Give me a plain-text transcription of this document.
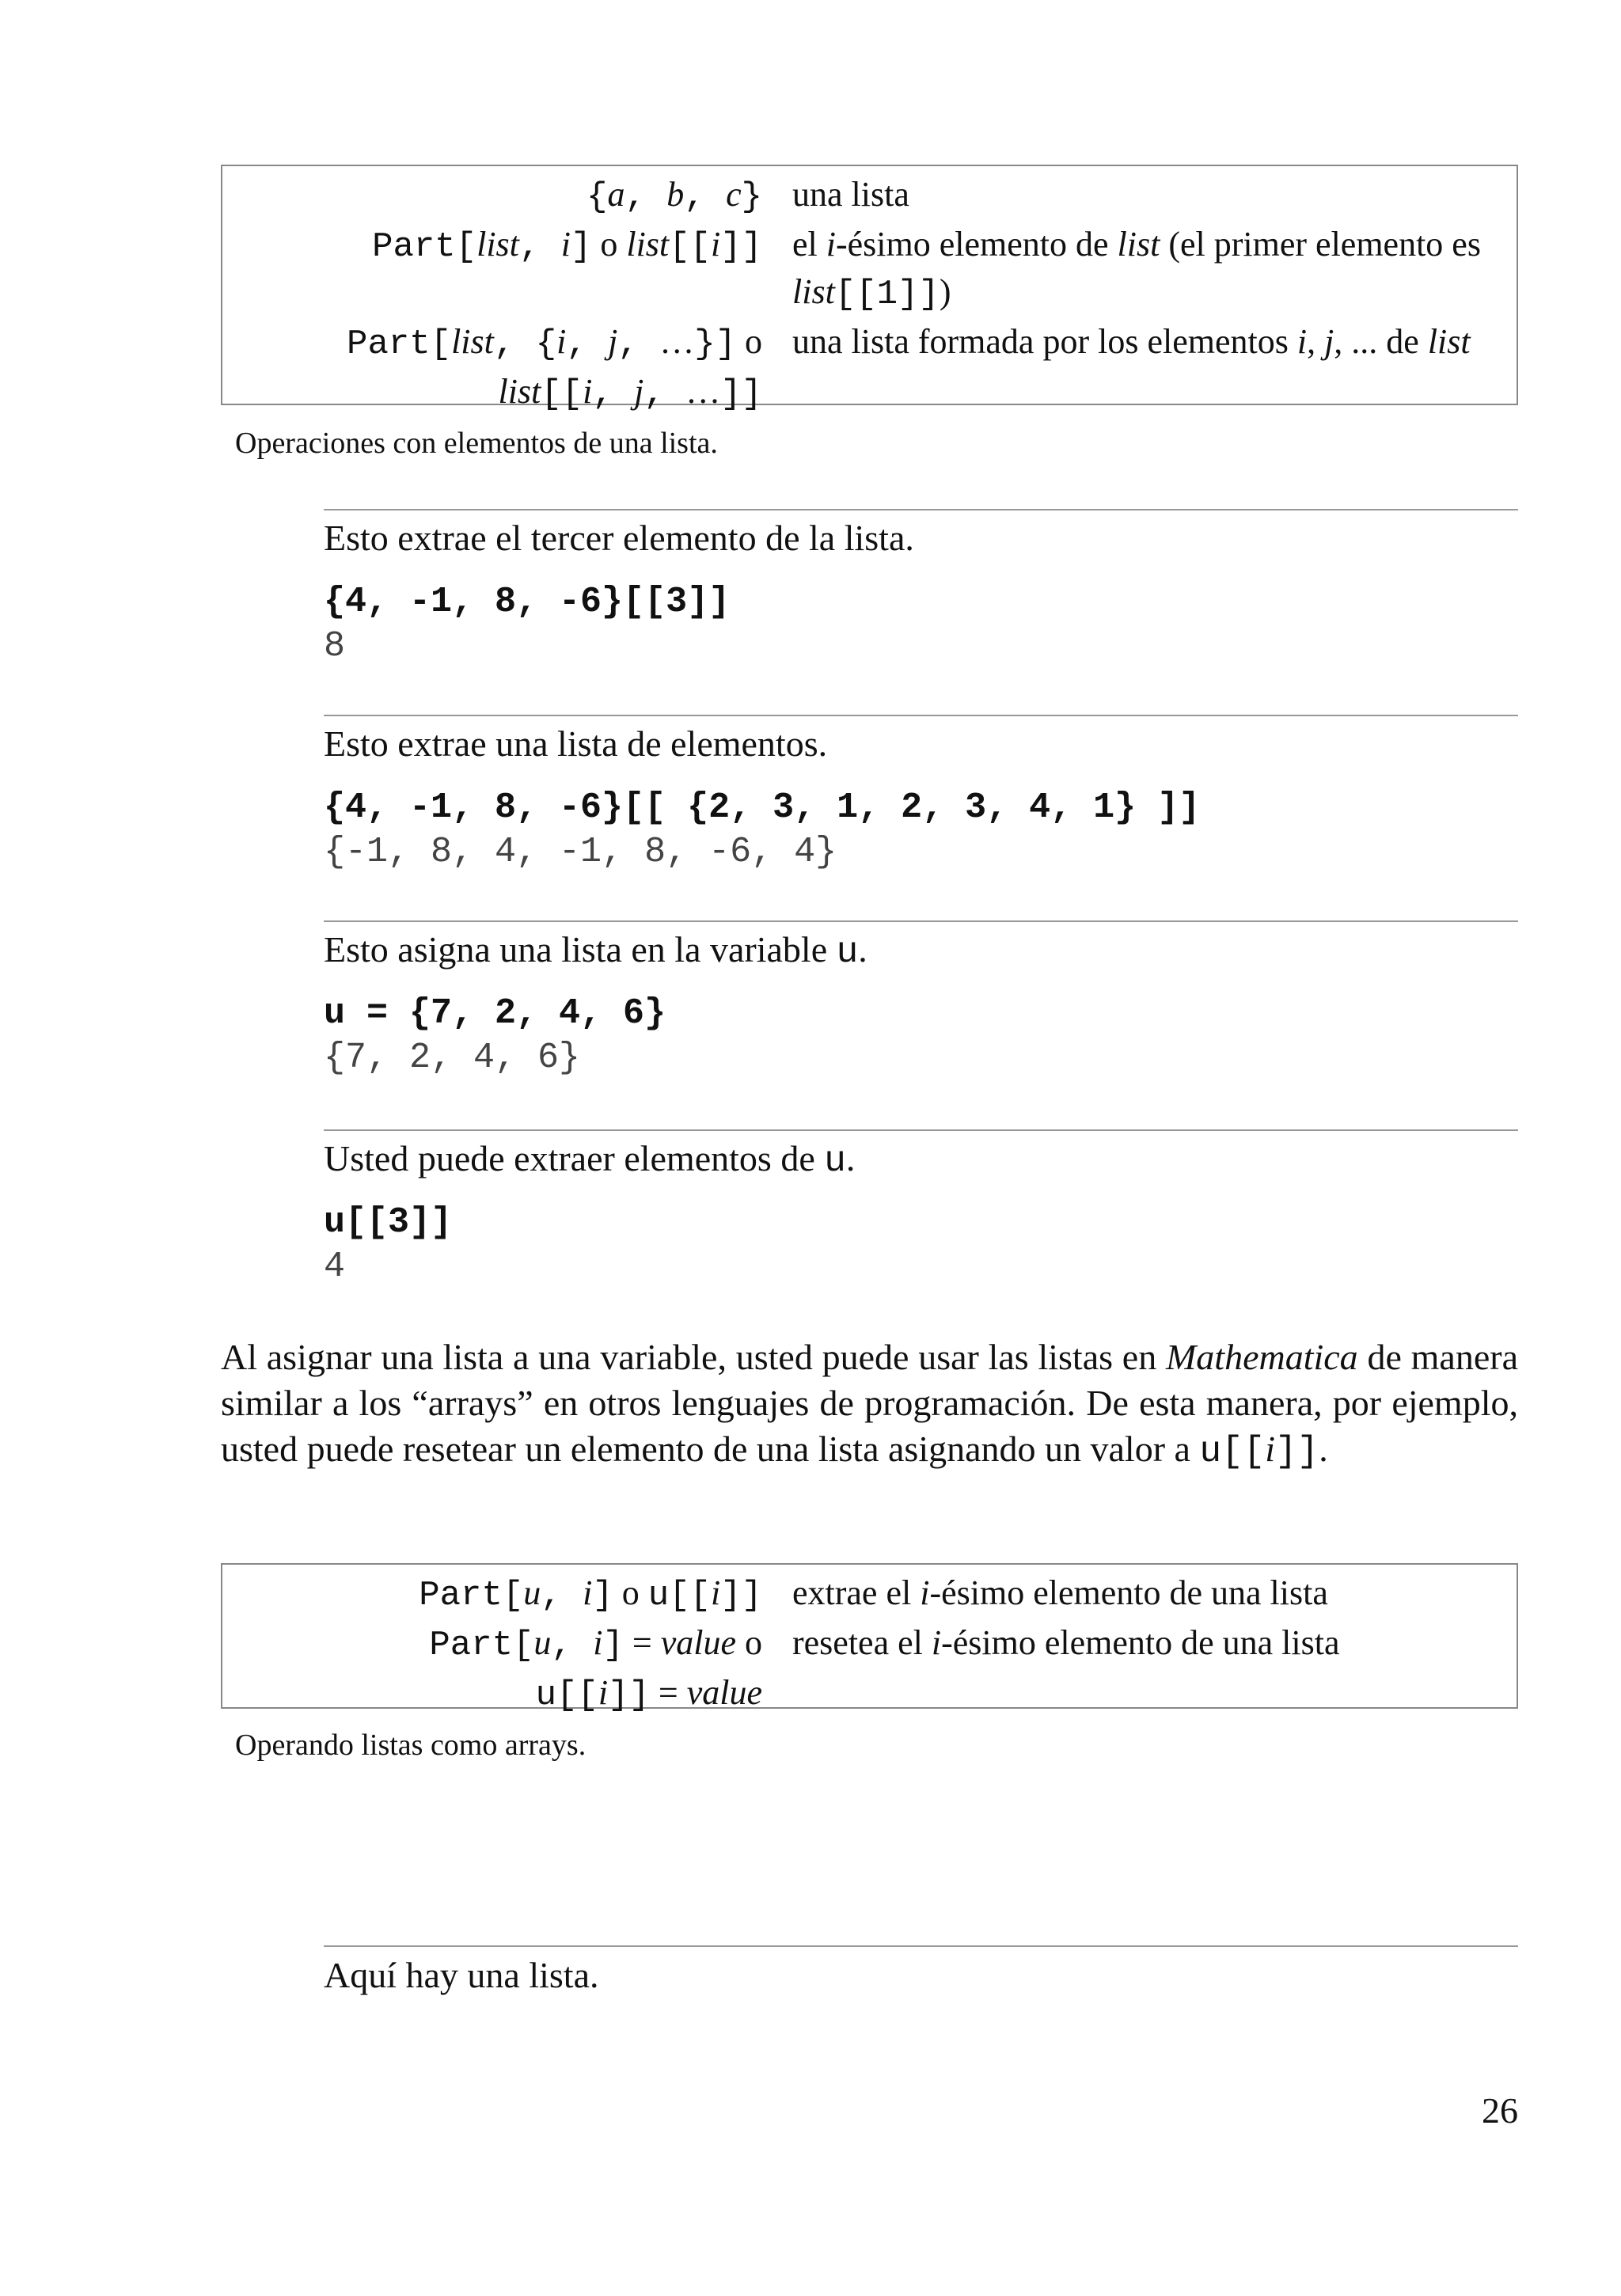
{a, b, c} una lista
Part[list, i] o list[[i]] el i-ésimo elemento de list (el primer elemento es list[[1]])
Part[list, {i, j, …}] o
list[[i, j, …]]
una lista formada por los elementos i, j, ... de list
Operaciones con elementos de una lista.
Esto extrae el tercer elemento de la lista.
{4, -1, 8, -6}[[3]]
8
Esto extrae una lista de elementos.
{4, -1, 8, -6}[[ {2, 3, 1, 2, 3, 4, 1} ]]
{-1, 8, 4, -1, 8, -6, 4}
Esto asigna una lista en la variable u.
u = {7, 2, 4, 6}
{7, 2, 4, 6}
Usted puede extraer elementos de u.
u[[3]]
4
Al asignar una lista a una variable, usted puede usar las listas en Mathematica de manera similar a los “arrays” en otros lenguajes de programación. De esta manera, por ejemplo, usted puede resetear un elemento de una lista asignando un valor a u[[i]].
Part[u, i] o u[[i]] extrae el i-ésimo elemento de una lista
Part[u, i] = value o
u[[i]] = value
resetea el i-ésimo elemento de una lista
Operando listas como arrays.
Aquí hay una lista.
26
